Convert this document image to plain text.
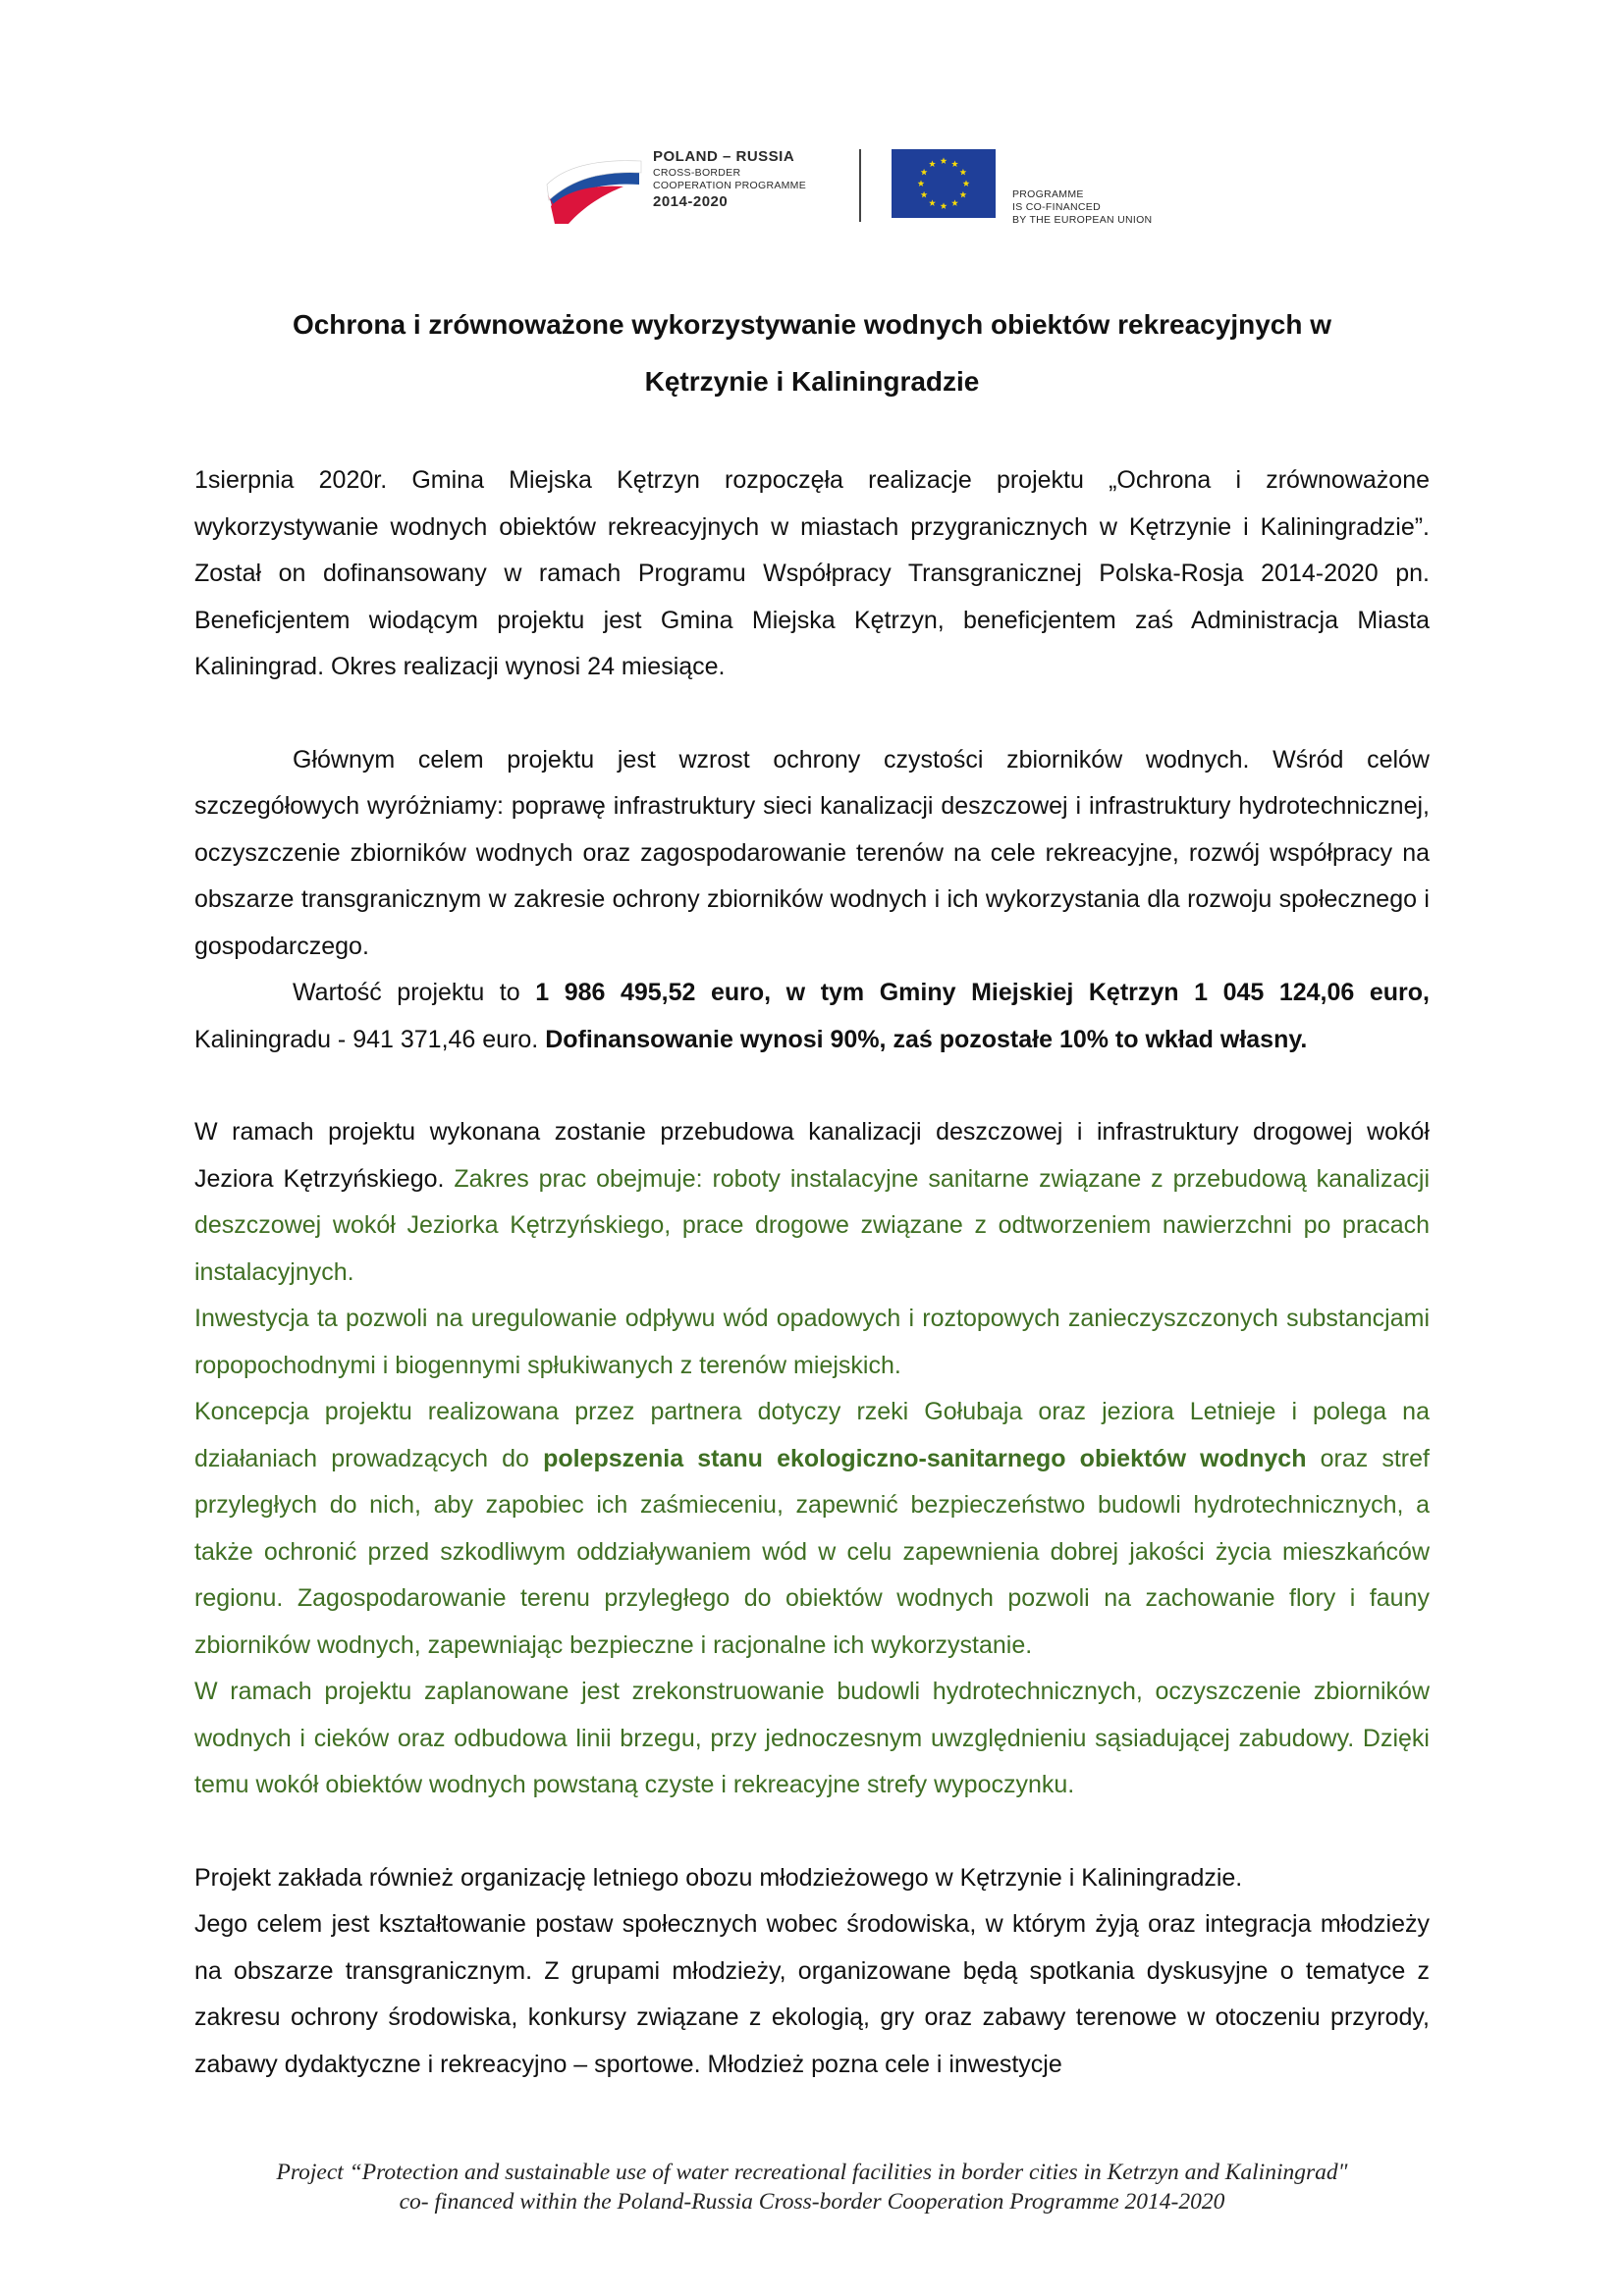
POLAND – RUSSIA
CROSS-BORDER
COOPERATION PROGRAMME
2014-2020	PROGRAMME
IS CO-FINANCED
BY THE EUROPEAN UNION
Ochrona i zrównoważone wykorzystywanie wodnych obiektów rekreacyjnych w
Kętrzynie i Kaliningradzie

1sierpnia 2020r. Gmina Miejska Kętrzyn rozpoczęła realizacje projektu „Ochrona i zrównoważone wykorzystywanie wodnych obiektów rekreacyjnych w miastach przygranicznych w Kętrzynie i Kaliningradzie”. Został on dofinansowany w ramach Programu Współpracy Transgranicznej Polska-Rosja 2014-2020 pn. Beneficjentem wiodącym projektu jest Gmina Miejska Kętrzyn, beneficjentem zaś Administracja Miasta Kaliningrad. Okres realizacji wynosi 24 miesiące.

Głównym celem projektu jest wzrost ochrony czystości zbiorników wodnych. Wśród celów szczegółowych wyróżniamy: poprawę infrastruktury sieci kanalizacji deszczowej i infrastruktury hydrotechnicznej, oczyszczenie zbiorników wodnych oraz zagospodarowanie terenów na cele rekreacyjne, rozwój współpracy na obszarze transgranicznym w zakresie ochrony zbiorników wodnych i ich wykorzystania dla rozwoju społecznego i gospodarczego.

Wartość projektu to 1 986 495,52 euro, w tym Gminy Miejskiej Kętrzyn 1 045 124,06 euro, Kaliningradu - 941 371,46 euro. Dofinansowanie wynosi 90%, zaś pozostałe 10% to wkład własny.

W ramach projektu wykonana zostanie przebudowa kanalizacji deszczowej i infrastruktury drogowej wokół Jeziora Kętrzyńskiego. Zakres prac obejmuje: roboty instalacyjne sanitarne związane z przebudową kanalizacji deszczowej wokół Jeziorka Kętrzyńskiego, prace drogowe związane z odtworzeniem nawierzchni po pracach instalacyjnych.

Inwestycja ta pozwoli na uregulowanie odpływu wód opadowych i roztopowych zanieczyszczonych substancjami ropopochodnymi i biogennymi spłukiwanych z terenów miejskich.

Koncepcja projektu realizowana przez partnera dotyczy rzeki Gołubaja oraz jeziora Letnieje i polega na działaniach prowadzących do polepszenia stanu ekologiczno-sanitarnego obiektów wodnych oraz stref przyległych do nich, aby zapobiec ich zaśmieceniu, zapewnić bezpieczeństwo budowli hydrotechnicznych, a także ochronić przed szkodliwym oddziaływaniem wód w celu zapewnienia dobrej jakości życia mieszkańców regionu. Zagospodarowanie terenu przyległego do obiektów wodnych pozwoli na zachowanie flory i fauny zbiorników wodnych, zapewniając bezpieczne i racjonalne ich wykorzystanie.

W ramach projektu zaplanowane jest zrekonstruowanie budowli hydrotechnicznych, oczyszczenie zbiorników wodnych i cieków oraz odbudowa linii brzegu, przy jednoczesnym uwzględnieniu sąsiadującej zabudowy. Dzięki temu wokół obiektów wodnych powstaną czyste i rekreacyjne strefy wypoczynku.

Projekt zakłada również organizację letniego obozu młodzieżowego w Kętrzynie i Kaliningradzie.

Jego celem jest kształtowanie postaw społecznych wobec środowiska, w którym żyją oraz integracja młodzieży na obszarze transgranicznym. Z grupami młodzieży, organizowane będą spotkania dyskusyjne o tematyce z zakresu ochrony środowiska, konkursy związane z ekologią, gry oraz zabawy terenowe w otoczeniu przyrody, zabawy dydaktyczne i rekreacyjno – sportowe. Młodzież pozna cele i inwestycje

Project “Protection and sustainable use of water recreational facilities in border cities in Ketrzyn and Kaliningrad"
co- financed within the Poland-Russia Cross-border Cooperation Programme 2014-2020
